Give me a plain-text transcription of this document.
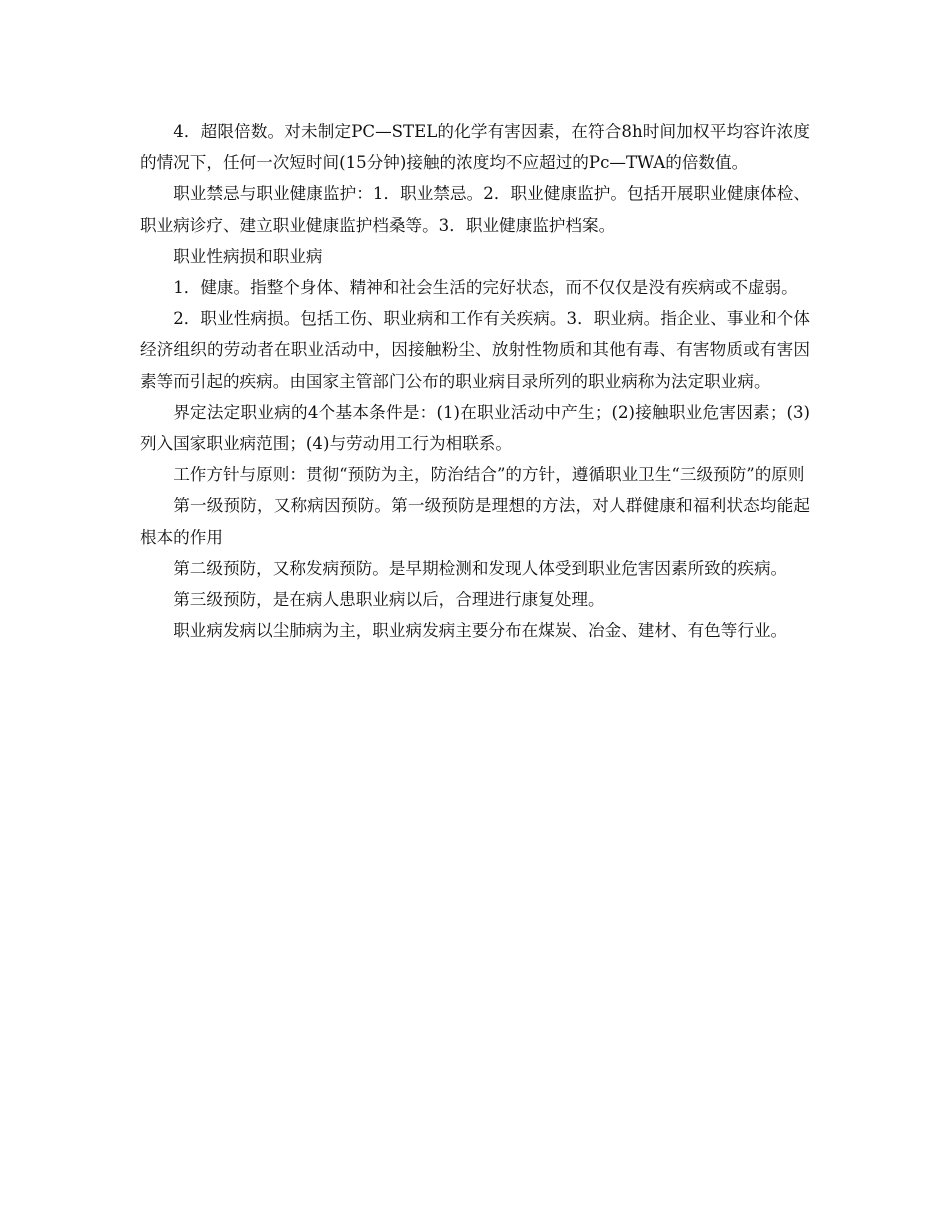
4．超限倍数。对未制定PC—STEL的化学有害因素，在符合8h时间加权平均容许浓度的情况下，任何一次短时间(15分钟)接触的浓度均不应超过的Pc—TWA的倍数值。

职业禁忌与职业健康监护：1．职业禁忌。2．职业健康监护。包括开展职业健康体检、职业病诊疗、建立职业健康监护档桑等。3．职业健康监护档案。

职业性病损和职业病

1．健康。指整个身体、精神和社会生活的完好状态，而不仅仅是没有疾病或不虚弱。

2．职业性病损。包括工伤、职业病和工作有关疾病。3．职业病。指企业、事业和个体经济组织的劳动者在职业活动中，因接触粉尘、放射性物质和其他有毒、有害物质或有害因素等而引起的疾病。由国家主管部门公布的职业病目录所列的职业病称为法定职业病。

界定法定职业病的4个基本条件是：(1)在职业活动中产生；(2)接触职业危害因素；(3)列入国家职业病范围；(4)与劳动用工行为相联系。

工作方针与原则：贯彻“预防为主，防治结合”的方针，遵循职业卫生“三级预防”的原则

第一级预防，又称病因预防。第一级预防是理想的方法，对人群健康和福利状态均能起根本的作用

第二级预防，又称发病预防。是早期检测和发现人体受到职业危害因素所致的疾病。

第三级预防，是在病人患职业病以后，合理进行康复处理。

职业病发病以尘肺病为主，职业病发病主要分布在煤炭、冶金、建材、有色等行业。
